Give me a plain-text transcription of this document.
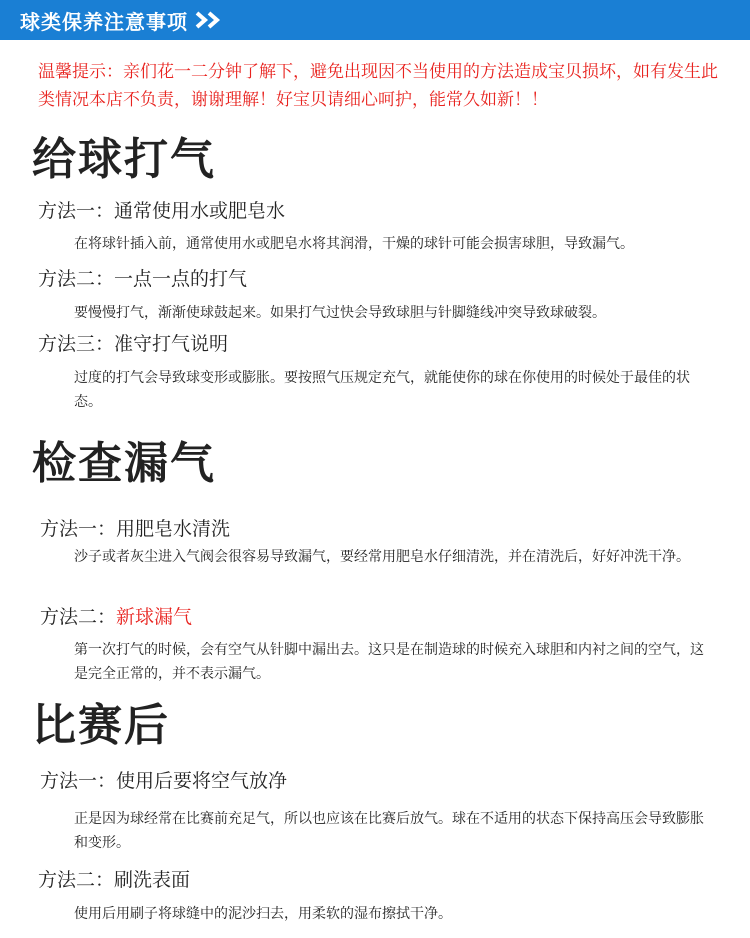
球类保养注意事项
温馨提示：亲们花一二分钟了解下，避免出现因不当使用的方法造成宝贝损坏，如有发生此类情况本店不负责，谢谢理解！好宝贝请细心呵护，能常久如新！！
给球打气
方法一：通常使用水或肥皂水
在将球针插入前，通常使用水或肥皂水将其润滑，干燥的球针可能会损害球胆，导致漏气。
方法二：一点一点的打气
要慢慢打气，渐渐使球鼓起来。如果打气过快会导致球胆与针脚缝线冲突导致球破裂。
方法三：准守打气说明
过度的打气会导致球变形或膨胀。要按照气压规定充气，就能使你的球在你使用的时候处于最佳的状态。
检查漏气
方法一：用肥皂水清洗
沙子或者灰尘进入气阀会很容易导致漏气，要经常用肥皂水仔细清洗，并在清洗后，好好冲洗干净。
方法二：新球漏气
第一次打气的时候，会有空气从针脚中漏出去。这只是在制造球的时候充入球胆和内衬之间的空气，这是完全正常的，并不表示漏气。
比赛后
方法一：使用后要将空气放净
正是因为球经常在比赛前充足气，所以也应该在比赛后放气。球在不适用的状态下保持高压会导致膨胀和变形。
方法二：刷洗表面
使用后用刷子将球缝中的泥沙扫去，用柔软的湿布擦拭干净。
